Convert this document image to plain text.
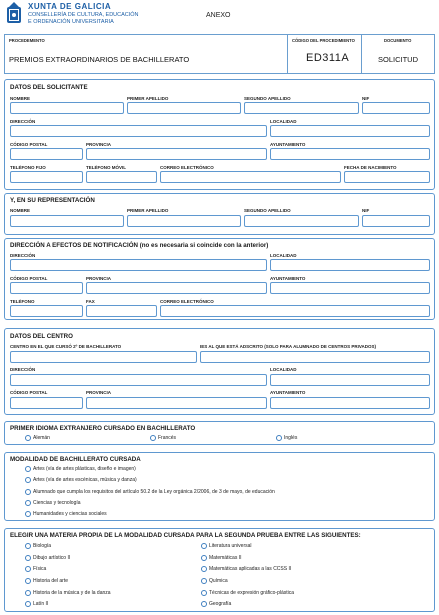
XUNTA DE GALICIA
CONSELLERÍA DE CULTURA, EDUCACIÓN
E ORDENACIÓN UNIVERSITARIA
ANEXO
PROCEDEMENTO
PREMIOS EXTRAORDINARIOS DE BACHILLERATO
CÓDIGO DEL PROCEDIMIENTO
ED311A
DOCUMENTO
SOLICITUD
DATOS DEL SOLICITANTE
NOMBRE	PRIMER APELLIDO	SEGUNDO APELLIDO	NIF
DIRECCIÓN	LOCALIDAD
CÓDIGO POSTAL	PROVINCIA	AYUNTAMIENTO
TELÉFONO FIJO	TELÉFONO MÓVIL	CORREO ELECTRÓNICO	FECHA DE NACIMIENTO
Y, EN SU REPRESENTACIÓN
NOMBRE	PRIMER APELLIDO	SEGUNDO APELLIDO	NIF
DIRECCIÓN A EFECTOS DE NOTIFICACIÓN (no es necesaria si coincide con la anterior)
DIRECCIÓN	LOCALIDAD
CÓDIGO POSTAL	PROVINCIA	AYUNTAMIENTO
TELÉFONO	FAX	CORREO ELECTRÓNICO
DATOS DEL CENTRO
CENTRO EN EL QUE CURSÓ 2º DE BACHILLERATO	IES AL QUE ESTÁ ADSCRITO (SOLO PARA ALUMNADO DE CENTROS PRIVADOS)
DIRECCIÓN	LOCALIDAD
CÓDIGO POSTAL	PROVINCIA	AYUNTAMIENTO
PRIMER IDIOMA EXTRANJERO CURSADO EN BACHILLERATO
Alemán	Francés	Inglés
MODALIDAD DE BACHILLERATO CURSADA
Artes (vía de artes plásticas, diseño e imagen)
Artes (vía de artes escénicas, música y danza)
Alumnado que cumpla los requisitos del artículo 50.2 de la Ley orgánica 2/2006, de 3 de mayo, de educación
Ciencias y tecnología
Humanidades y ciencias sociales
ELEGIR UNA MATERIA PROPIA DE LA MODALIDAD CURSADA PARA LA SEGUNDA PRUEBA ENTRE LAS SIGUIENTES:
Biología
Dibujo artístico II
Física
Historia del arte
Historia de la música y de la danza
Latín II
Literatura universal
Matemáticas II
Matemáticas aplicadas a las CCSS II
Química
Técnicas de expresión gráfico-plástica
Geografía
